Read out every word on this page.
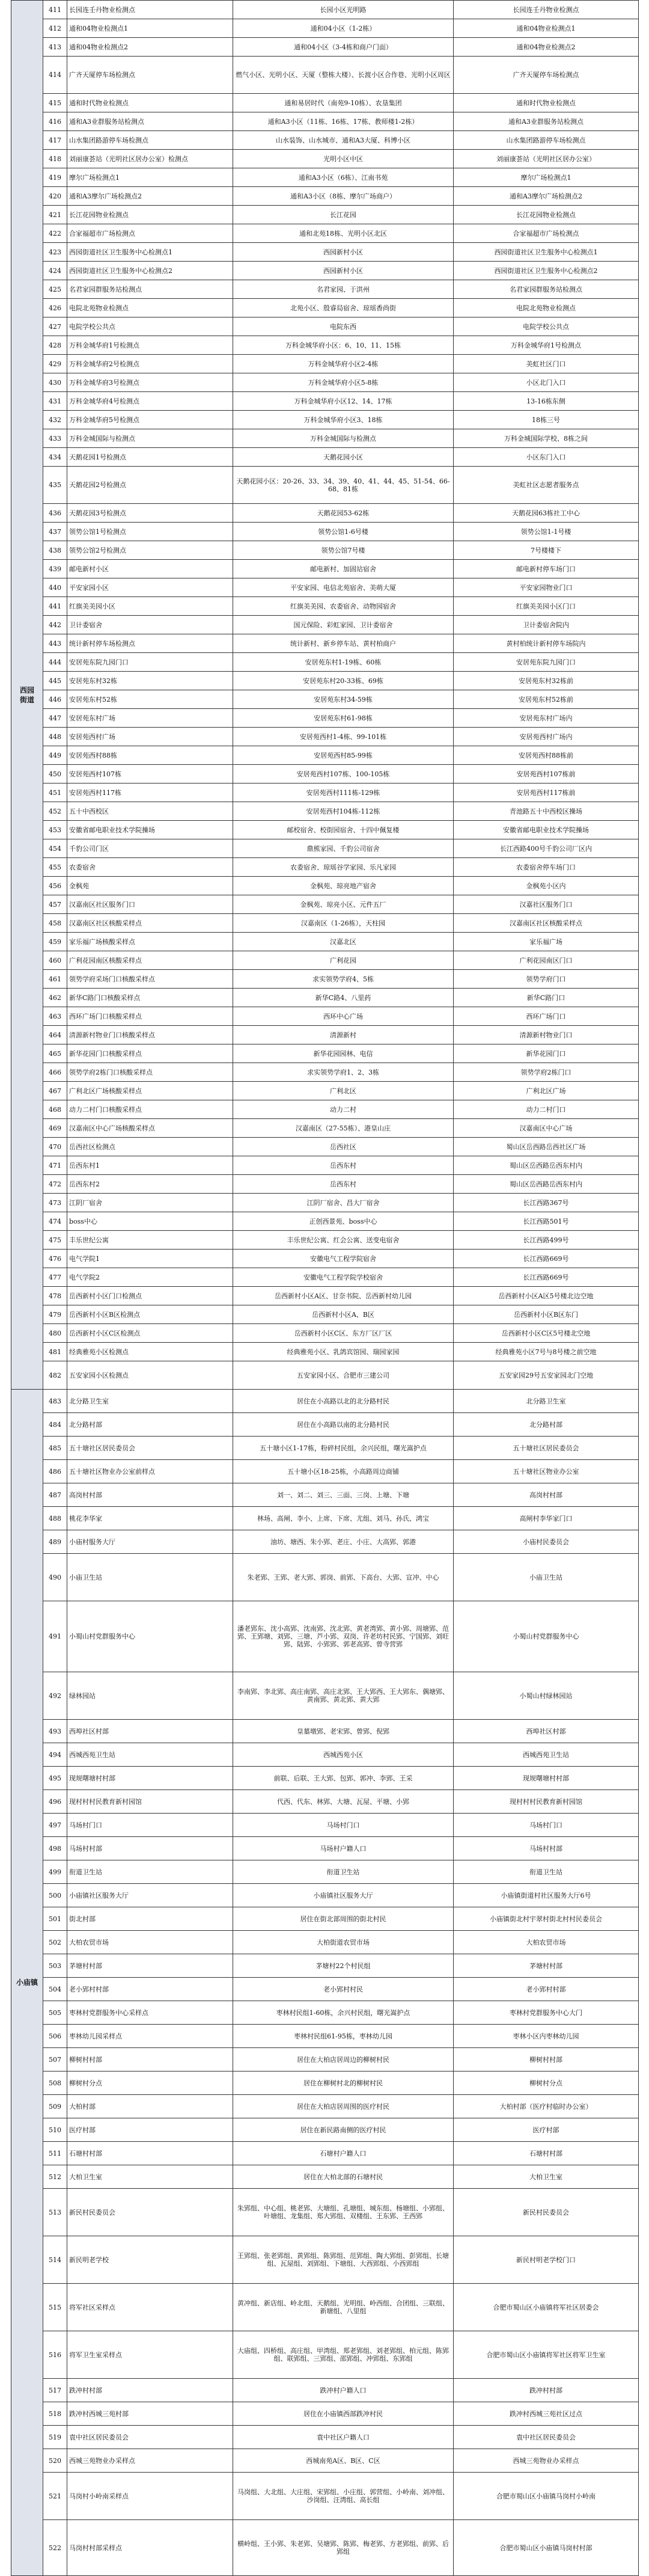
西园
街道	411	长园连壬丹物业检测点	长园小区光明路	长园连壬丹物业检测点
	412	通和04物业检测点1	通和04小区（1-2栋）	通和04物业检测点1
	413	通和04物业检测点2	通和04小区（3-4栋和商户门面）	通和04物业检测点2
	414	广齐天厦停车场检测点	燃气小区、光明小区、天厦（整栋大楼）、长渡小区合作巷、光明小区周区	广齐天厦停车场检测点
	415	通和时代物业检测点	通和易居时代（南苑9-10栋）、农垦集团	通和时代物业检测点
	416	通和A3业群服务站检测点	通和A3小区（11栋、16栋、17栋、教师楼1-2栋）	通和A3业群服务站检测点
	417	山水集团路游停车场检测点	山水装饰、山水城市、通和A3大厦、科博小区	山水集团路游停车场检测点
	418	刘丽康荟站（光明社区居办公室）检测点	光明小区中区	刘丽康荟站（光明社区居办公室）
	419	摩尔广场检测点1	通和A3小区（6栋）、江南书苑	摩尔广场检测点1
	420	通和A3摩尔广场检测点2	通和A3小区（8栋、摩尔广场商户）	通和A3摩尔广场检测点2
	421	长江花园物业检测点	长江花园	长江花园物业检测点
	422	合家福超市广场检测点	通和北苑18栋、光明小区北区	合家福超市广场检测点
	423	西园街道社区卫生服务中心检测点1	西园新村小区	西园街道社区卫生服务中心检测点1
	424	西园街道社区卫生服务中心检测点2	西园新村小区	西园街道社区卫生服务中心检测点2
	425	名君家园群服务站检测点	名君家园、于洪州	名君家园群服务站检测点
	426	电院北苑物业检测点	北苑小区、殷睿局宿舍、琼瑶香尚街	电院北苑物业检测点
	427	电院学校公共点	电院东西	电院学校公共点
	428	万科金城华府1号检测点	万科金城华府小区：6、10、11、15栋	万科金城华府1号检测点
	429	万科金城华府2号检测点	万科金城华府小区2-4栋	美虹社区门口
	430	万科金城华府3号检测点	万科金城华府小区5-8栋	小区北门入口
	431	万科金城华府4号检测点	万科金城华府小区12、14、17栋	13-16栋东侧
	432	万科金城华府5号检测点	万科金城华府小区3、18栋	18栋三号
	433	万科金城国际与检测点	万科金城国际与检测点	万科金城国际学校、8栋之间
	434	天鹅花园1号检测点	天鹅花园小区	小区东门入口
	435	天鹅花园2号检测点	天鹅花园小区：20-26、33、34、39、40、41、44、45、51-54、66-68、81栋	美虹社区志愿者服务点
	436	天鹅花园3号检测点	天鹅花园53-62栋	天鹅花园63栋社工中心
	437	领势公馆1号检测点	领势公馆1-6号楼	领势公馆1-1号楼
	438	领势公馆2号检测点	领势公馆7号楼	7号楼楼下
	439	邮电新村小区	邮电新村、加固站宿舍	邮电新村停车场门口
	440	平安家园小区	平安家园、电信北苑宿舍、美萌大厦	平安家园物业门口
	441	红旗美美园小区	红旗美美园、农委宿舍、动物园宿舍	红旗美美园小区门口
	442	卫计委宿舍	国元保险、彩虹家园、卫计委宿舍	卫计委宿舍院内
	443	统计新村停车场检测点	统计新村、新乡停车站、黄村柏商户	黄村柏统计新村停车场院内
	444	安居苑东院九园门口	安居苑东村1-19栋、60栋	安居苑东院九园门口
	445	安居苑东村32栋	安居苑东村20-33栋、69栋	安居苑东村32栋前
	446	安居苑东村52栋	安居苑东村34-59栋	安居苑东村52栋前
	447	安居苑东村广场	安居苑东村61-98栋	安居苑东村广场内
	448	安居苑西村广场	安居苑西村1-4栋、99-101栋	安居苑西村广场内
	449	安居苑西村88栋	安居苑西村85-99栋	安居苑西村88栋前
	450	安居苑西村107栋	安居苑西村107栋、100-105栋	安居苑西村107栋前
	451	安居苑西村117栋	安居苑西村111栋-129栋	安居苑西村117栋前
	452	五十中西校区	安居苑西村104栋-112栋	青池路五十中西校区操场
	453	安徽省邮电职业技术学院操场	邮校宿舍、校街园宿舍、十四中佩复楼	安徽省邮电职业技术学院操场
	454	千豹公司门区	鼎熊家园、千豹公司宿舍	长江西路400号千豹公司厂区内
	455	农委宿舍	农委宿舍、琼瑶谷学家园、乐凡家园	农委宿舍停车场门口
	456	金枫苑	金枫苑、琼亮地产宿舍	金枫苑小区内
	457	汉嘉南区社区服务门口	金枫苑、琼亮小区、元件五厂	汉嘉社区服务门口
	458	汉嘉南区社区核酸采样点	汉嘉南区（1-26栋），天柱园	汉嘉南区社区核酸采样点
	459	家乐福广场核酸采样点	汉嘉北区	家乐福广场
	460	广利花园南区核酸采样点	广利花园	广利花园南区门口
	461	领势学府采场门口核酸采样点	求实领势学府4、5栋	领势学府门口
	462	新华C路门口核酸采样点	新华C路4、八里药	新华C路门口
	463	西环广场门口核酸采样点	西环中心广场	西环广场门口
	464	清源新村物业门口核酸采样点	清源新村	清源新村物业门口
	465	新华花园门口核酸采样点	新华花园园林、电信	新华花园门口
	466	领势学府2栋门口核酸采样点	求实领势学府1、2、3栋	领势学府2栋门口
	467	广利北区广场核酸采样点	广利北区	广利北区广场
	468	动力二村门口核酸采样点	动力二村	动力二村门口
	469	汉嘉南区中心广场核酸采样点	汉嘉南区（27-55栋）、港皇山庄	汉嘉南区中心广场
	470	岳西社区检测点	岳西社区	蜀山区岳西路岳西社区广场
	471	岳西东村1	岳西东村	蜀山区岳西路岳西东村内
	472	岳西东村2	岳西东村	蜀山区岳西路岳西东村内
	473	江阴厂宿舍	江阴厂宿舍、昌大厂宿舍	长江西路367号
	474	boss中心	正创西景苑、boss中心	长江西路501号
	475	丰乐世纪公寓	丰乐世纪公寓、红会公寓、送变电宿舍	长江西路499号
	476	电气学院1	安徽电气工程学院宿舍	长江西路669号
	477	电气学院2	安徽电气工程学院学校宿舍	长江西路669号
	478	岳西新村小区门口检测点	岳西新村小区A区、甘奈书院、岳西新村幼儿园	岳西新村小区A区5号楼北边空地
	479	岳西新村小区B区检测点	岳西新村小区A、B区	岳西新村小区B区东门
	480	岳西新村小区C区检测点	岳西新村小区C区、东方厂区厂区	岳西新村小区C区5号楼北空地
	481	经典雅苑小区检测点	经典雅苑小区、乳鸽宾馆园、瑞园家园	经典雅苑小区7号与8号楼之前空地
	482	五安家园小区检测点	五安家园小区、合肥市三建公司	五安家园29号五安家园北门空地
小庙镇	483	北分路卫生室	居住在小高路以北的北分路村民	北分路卫生室
	484	北分路村部	居住在小高路以南的北分路村民	北分路村部
	485	五十塘社区居民委员会	五十塘小区1-17栋，粉碎村民组，余兴民组，曙光嵩护点	五十塘社区居民委员会
	486	五十塘社区物业办公室前样点	五十塘小区18-25栋，小高路周边商铺	五十塘社区物业办公室
	487	高岗村村部	刘一、刘二、刘三、三面、三岗、上塘、下塘	高岗村村部
	488	桃花李华家	林场、高闸、李小、上席、下席、尤组、刘马、孙氏、鸿宝	高闸村李华家门口
	489	小庙村服务大厅	油坊、塘西、朱小郢、老庄、小庄、大高郢、郭港	小庙村民委员会
	490	小庙卫生站	朱老郢、王郢、老大郢、郭岗、前郢、下高台、大郢、宣冲、中心	小庙卫生站
	491	小蜀山村党群服务中心	潘老郢东、沈小高郢、沈南郢、沈北郢、黄老湾郢、黄小郢、周塘郢、范郢、王郢塘、刘郢、三塘、芦小郢、双岗、许老坊村民郢、宁国郢、刘旺郢、陆郢、小郢郢、郭老高郢、曾寺营郢	小蜀山村党群服务中心
	492	绿林园站	李南郢、李北郢、高庄南郢、高庄北郢、王大郢西、王大郢东、偶塘郢、黄南郢、黄北郢、黄大郢	小蜀山村绿林园站
	493	西埠社区村部	皇墓墩郢、老宋郢、曾郢、倪郢	西埠社区村部
	494	西城西苑卫生站	西城西苑小区	西城西苑卫生站
	495	现规曙塘村村部	前联、后联、王大郢、包郢、郭冲、李郢、王采	现规曙塘村村部
	496	现村村村民教育新村园馆	代西、代东、林郢、大塘、瓦屋、平塘、小郢	现村村村民教育新村园馆
	497	马场村门口	马场村门口	马场村门口
	498	马场村村部	马场村户籍人口	马场村村部
	499	衔道卫生站	衔道卫生站	衔道卫生站
	500	小庙镇社区服务大厅	小庙镇社区服务大厅	小庙镇街道村社区服务大厅6号
	501	街北村部	居住在街北部周围的街北村民	小庙镇街北村宇翠村街北村村民委员会
	502	大柏农贸市场	大柏街道农贸市场	大柏农贸市场
	503	茅塘村村部	茅塘村22个村民组	茅塘村村部
	504	老小郢村村部	老小郢村村民	老小郢村村部
	505	枣林村党群服务中心采样点	枣林村民组1-60栋，余兴村民组，曙光嵩护点	枣林村党群服务中心大门
	506	枣林幼儿园采样点	枣林村民组61-95栋，枣林幼儿园	枣林小区内枣林幼儿园
	507	柳树村村部	居住在大柏店居周边的柳树村民	柳树村村部
	508	柳树村分点	居住在柳树村北的柳树村民	柳树村分点
	509	大柏村部	居住在大柏店居周围的医疗村民	大柏村部（医疗村临时办公室）
	510	医疗村部	居住在新民路南侧的医疗村民	医疗村部
	511	石塘村村部	石塘村户籍人口	石塘村村部
	512	大柏卫生室	居住在大柏北部的石塘村民	大柏卫生室
	513	新民村民委员会	朱郢组、中心组、桃老郢、大塘组、孔塘组、城东组、杨塘组、小郢组、叶塘组、龙集组、郑大郢组、双楼组、王东郢、王西郢	新民村民委员会
	514	新民明老学校	王郢组、张老郢组、黄郢组、陈郢组、范郢组、陶大郢组、彭郢组、长塘组、瓦屋组、刘郢组、下塘组、大西郢组、小西郢组	新民村明老学校门口
	515	将军社区采样点	黄冲组、新店组、岭北组、天鹅组、光明组、岭西组、合团组、三联组、新塘组、八里组	合肥市蜀山区小庙镇将军社区居委会
	516	将军卫生室采样点	大庙组、四桥组、高庄组、甲湾组、郑老郢组、刘老郢组、柏元组、陈郢组、联郢组、三郢组、邵郢组、冲郢组、东郢组	合肥市蜀山区小庙镇将军社区将军卫生室
	517	跌冲村村部	跌冲村户籍人口	跌冲村村部
	518	跌冲村西城三苑村部	居住在小庙镇西部跌冲村民	跌冲村西城三苑社区过点
	519	袁中社区居民委员会	袁中社区户籍人口	袁中社区居民委员会
	520	西城三苑物业办采样点	西城南苑A区、B区、C区	西城三苑物业办采样点
	521	马岗村小岭南采样点	马岗组、大北组、大庄组、宋郢组、小庄组、郭营组、小岭南、刘冲组、沙岗组、汪湾组、高长组	合肥市蜀山区小庙镇马岗村小岭南
	522	马岗村村部采样点	横岭组、王小郢、朱老郢、吴塘郢、陈郢、梅老郢、方老郢组、前郢、后郢组	合肥市蜀山区小庙镇马岗村村部
